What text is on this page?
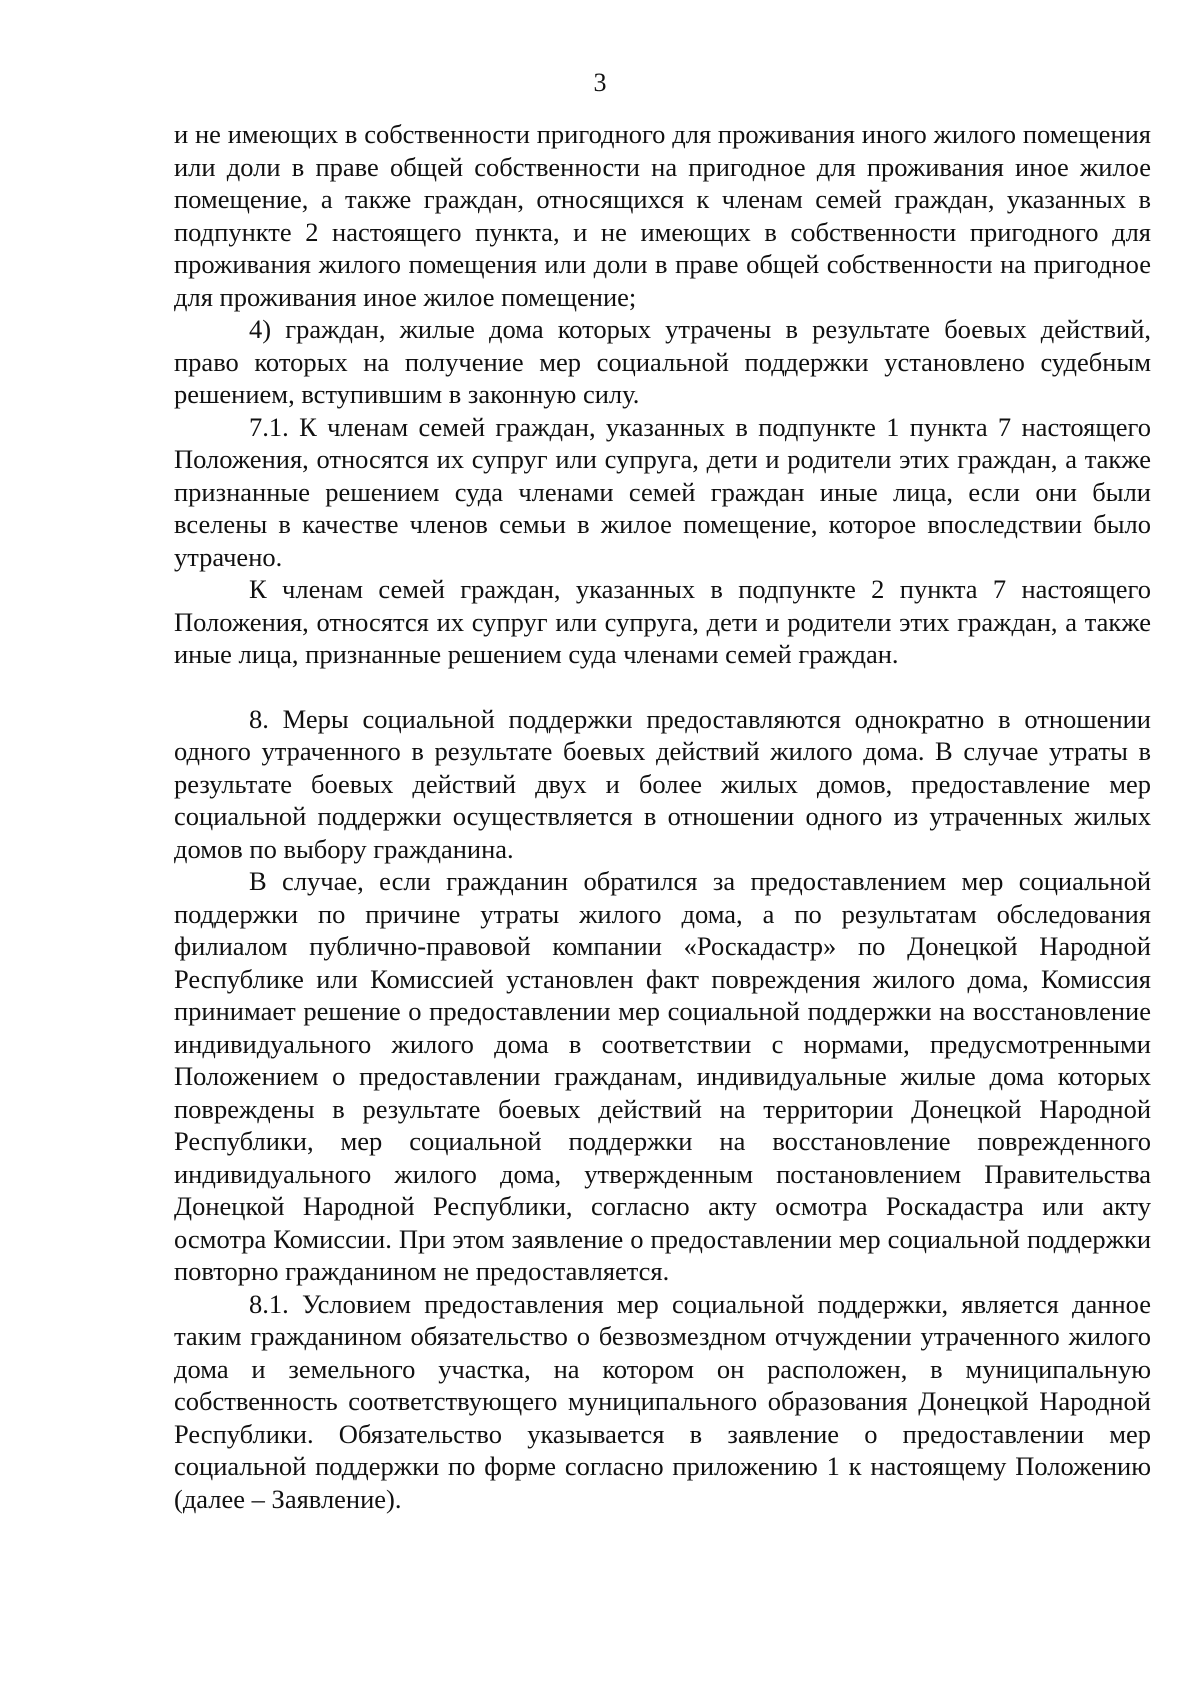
3

и не имеющих в собственности пригодного для проживания иного жилого помещения или доли в праве общей собственности на пригодное для проживания иное жилое помещение, а также граждан, относящихся к членам семей граждан, указанных в подпункте 2 настоящего пункта, и не имеющих в собственности пригодного для проживания жилого помещения или доли в праве общей собственности на пригодное для проживания иное жилое помещение;

4) граждан, жилые дома которых утрачены в результате боевых действий, право которых на получение мер социальной поддержки установлено судебным решением, вступившим в законную силу.

7.1. К членам семей граждан, указанных в подпункте 1 пункта 7 настоящего Положения, относятся их супруг или супруга, дети и родители этих граждан, а также признанные решением суда членами семей граждан иные лица, если они были вселены в качестве членов семьи в жилое помещение, которое впоследствии было утрачено.

К членам семей граждан, указанных в подпункте 2 пункта 7 настоящего Положения, относятся их супруг или супруга, дети и родители этих граждан, а также иные лица, признанные решением суда членами семей граждан.

8. Меры социальной поддержки предоставляются однократно в отношении одного утраченного в результате боевых действий жилого дома. В случае утраты в результате боевых действий двух и более жилых домов, предоставление мер социальной поддержки осуществляется в отношении одного из утраченных жилых домов по выбору гражданина.

В случае, если гражданин обратился за предоставлением мер социальной поддержки по причине утраты жилого дома, а по результатам обследования филиалом публично-правовой компании «Роскадастр» по Донецкой Народной Республике или Комиссией установлен факт повреждения жилого дома, Комиссия принимает решение о предоставлении мер социальной поддержки на восстановление индивидуального жилого дома в соответствии с нормами, предусмотренными Положением о предоставлении гражданам, индивидуальные жилые дома которых повреждены в результате боевых действий на территории Донецкой Народной Республики, мер социальной поддержки на восстановление поврежденного индивидуального жилого дома, утвержденным постановлением Правительства Донецкой Народной Республики, согласно акту осмотра Роскадастра или акту осмотра Комиссии. При этом заявление о предоставлении мер социальной поддержки повторно гражданином не предоставляется.

8.1. Условием предоставления мер социальной поддержки, является данное таким гражданином обязательство о безвозмездном отчуждении утраченного жилого дома и земельного участка, на котором он расположен, в муниципальную собственность соответствующего муниципального образования Донецкой Народной Республики. Обязательство указывается в заявление о предоставлении мер социальной поддержки по форме согласно приложению 1 к настоящему Положению (далее – Заявление).
